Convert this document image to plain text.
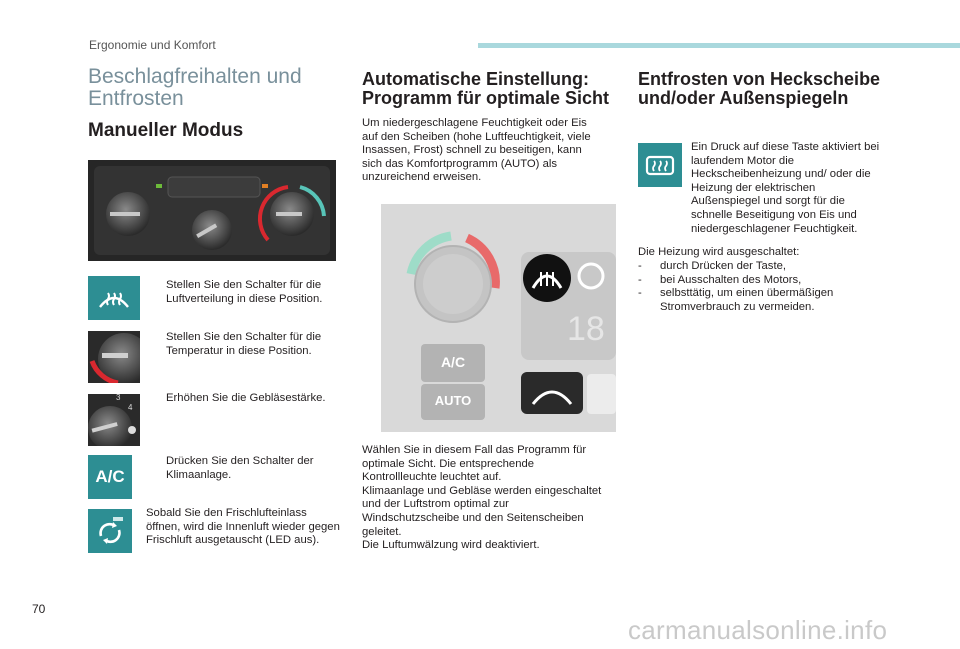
Ergonomie und Komfort
Beschlagfreihalten und Entfrosten
Manueller Modus
Stellen Sie den Schalter für die Luftverteilung in diese Position.
Stellen Sie den Schalter für die Temperatur in diese Position.
4
3	Erhöhen Sie die Gebläsestärke.
A/C
Drücken Sie den Schalter der Klimaanlage.
Sobald Sie den Frischlufteinlass öffnen, wird die Innenluft wieder gegen Frischluft ausgetauscht (LED aus).
Automatische Einstellung: Programm für optimale Sicht
Um niedergeschlagene Feuchtigkeit oder Eis auf den Scheiben (hohe Luftfeuchtigkeit, viele Insassen, Frost) schnell zu beseitigen, kann sich das Komfortprogramm (AUTO) als unzureichend erweisen.
18
A/C
AUTO
Wählen Sie in diesem Fall das Programm für optimale Sicht. Die entsprechende Kontrollleuchte leuchtet auf.
Klimaanlage und Gebläse werden eingeschaltet und der Luftstrom optimal zur Windschutzscheibe und den Seitenscheiben geleitet.
Die Luftumwälzung wird deaktiviert.
Entfrosten von Heckscheibe und/oder Außenspiegeln
Ein Druck auf diese Taste aktiviert bei laufendem Motor die Heckscheibenheizung und/ oder die Heizung der elektrischen Außenspiegel und sorgt für die schnelle Beseitigung von Eis und niedergeschlagener Feuchtigkeit.
Die Heizung wird ausgeschaltet:
-	durch Drücken der Taste,
-	bei Ausschalten des Motors,
-	selbsttätig, um einen übermäßigen Stromverbrauch zu vermeiden.
70
carmanualsonline.info
